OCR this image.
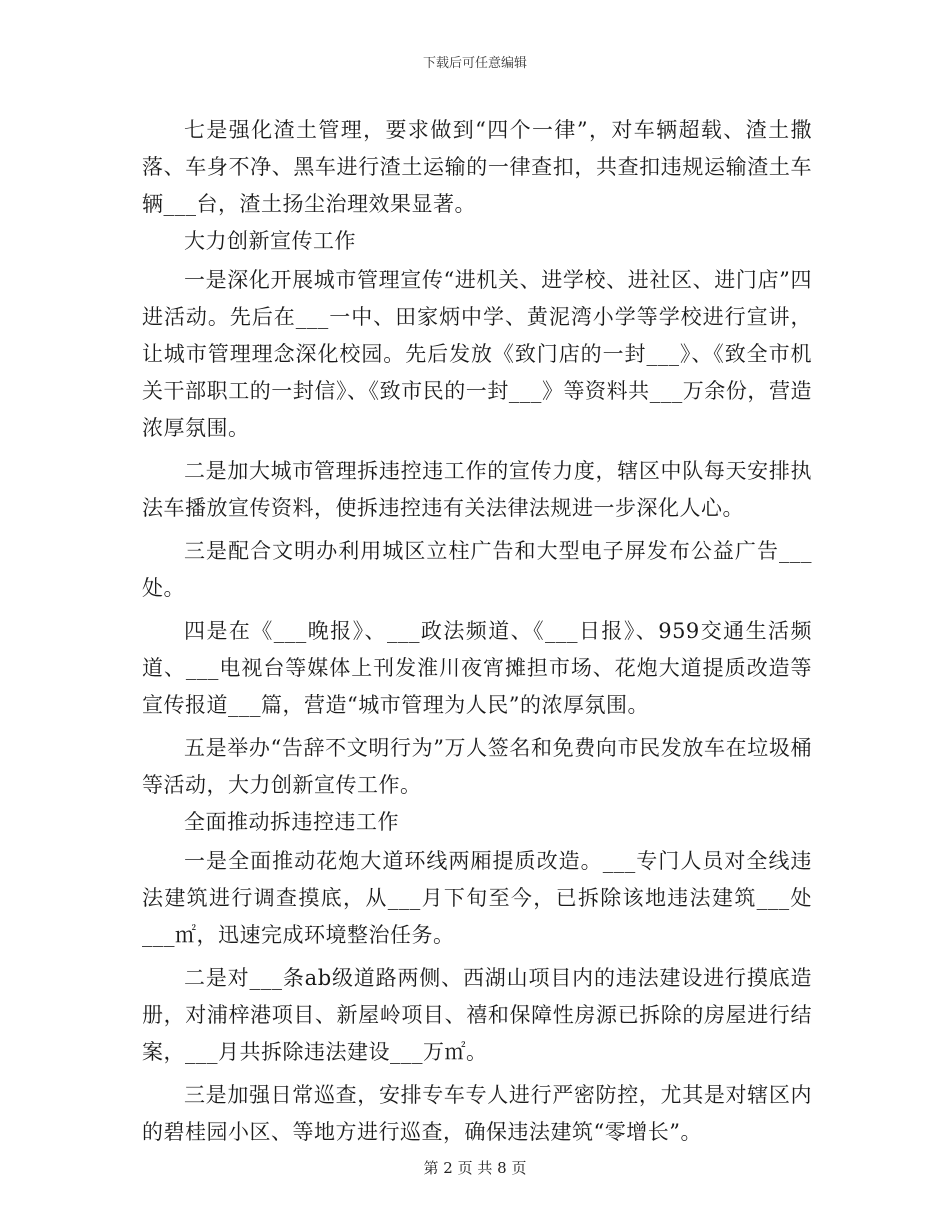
下载后可任意编辑

七是强化渣土管理，要求做到“四个一律”，对车辆超载、渣土撒落、车身不净、黑车进行渣土运输的一律查扣，共查扣违规运输渣土车辆___台，渣土扬尘治理效果显著。

大力创新宣传工作

一是深化开展城市管理宣传“进机关、进学校、进社区、进门店”四进活动。先后在___一中、田家炳中学、黄泥湾小学等学校进行宣讲，让城市管理理念深化校园。先后发放《致门店的一封___》、《致全市机关干部职工的一封信》、《致市民的一封___》等资料共___万余份，营造浓厚氛围。

二是加大城市管理拆违控违工作的宣传力度，辖区中队每天安排执法车播放宣传资料，使拆违控违有关法律法规进一步深化人心。

三是配合文明办利用城区立柱广告和大型电子屏发布公益广告___处。

四是在《___晚报》、___政法频道、《___日报》、959交通生活频道、___电视台等媒体上刊发淮川夜宵摊担市场、花炮大道提质改造等宣传报道___篇，营造“城市管理为人民”的浓厚氛围。

五是举办“告辞不文明行为”万人签名和免费向市民发放车在垃圾桶等活动，大力创新宣传工作。

全面推动拆违控违工作

一是全面推动花炮大道环线两厢提质改造。___专门人员对全线违法建筑进行调查摸底，从___月下旬至今，已拆除该地违法建筑___处___㎡，迅速完成环境整治任务。

二是对___条ab级道路两侧、西湖山项目内的违法建设进行摸底造册，对浦梓港项目、新屋岭项目、禧和保障性房源已拆除的房屋进行结案，___月共拆除违法建设___万㎡。

三是加强日常巡查，安排专车专人进行严密防控，尤其是对辖区内的碧桂园小区、等地方进行巡查，确保违法建筑“零增长”。

第 2 页 共 8 页
